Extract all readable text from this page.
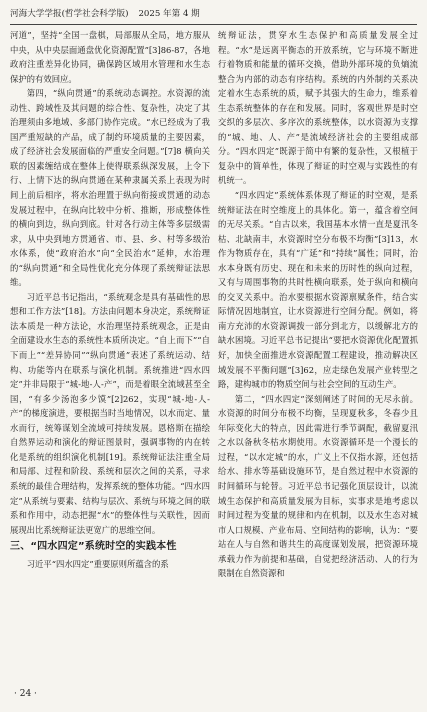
河海大学学报(哲学社会科学版) 2025 年第 4 期

河道”，坚持“全国一盘棋，局部服从全局，地方服从中央，从中央层面通盘优化资源配置”[3]86-87，各地政府注重差异化协同，确保跨区域用水管理和水生态保护的有效回应。

第四，“纵向贯通”的系统动态调控。水资源的流动性、跨域性及其问题的综合性、复杂性，决定了其治理须由多地域、多部门协作完成。“水已经成为了我国严重短缺的产品，成了制约环境质量的主要因素，成了经济社会发展面临的严重安全问题。”[7]8 横向关联的因素缠结成在整体上使得联系纵深发展，上令下行、上情下达的纵向贯通在某种隶属关系上表现为时间上前后相序，将水治理置于纵向衔接或贯通的动态发展过程中，在纵向比较中分析、推断，形成整体性的横向到边，纵向到底。针对各行动主体等多层级需求，从中央到地方贯通省、市、县、乡、村等多级治水体系，使“政府治水”向“全民治水”延伸，水治理的“纵向贯通”和全局性优化充分体现了系统辩证法思维。

习近平总书记指出，“系统观念是具有基础性的思想和工作方法”[18]。方法由问题本身决定，系统辩证法本质是一种方法论，水治理坚持系统观念，正是由全面建设水生态的系统性本质所决定。“自上而下”“自下而上”“差异协同”“纵向贯通”表述了系统运动、结构、功能等内在联系与演化机制。系统推进“四水四定”并非局限于“城-地-人-产”，而是着眼全流域甚至全国，“有多少汤泡多少馍”[2]262，实现“城-地-人-产”的梯度演进，要根据当时当地情况，以水而定、量水而行，统筹谋划全流域可持续发展。恩格斯在描绘自然界运动和演化的辩证图景时，强调事物的内在转化是系统的组织演化机制[19]。系统辩证法注重全局和局部、过程和阶段、系统和层次之间的关系，寻求系统的最佳合理结构，发挥系统的整体功能。“四水四定”从系统与要素、结构与层次、系统与环境之间的联系和作用中，动态把握“水”的整体性与关联性，因而展现出比系统辩证法更宽广的思维空间。

三、“四水四定”系统时空的实践本性

习近平“四水四定”重要原则所蕴含的系

统辩证法，贯穿水生态保护和高质量发展全过程。“水”是远离平衡态的开放系统，它与环境不断进行着物质和能量的循环交换，借助外部环境的负熵流整合为内部的动态有序结构。系统的内外制约关系决定着水生态系统的质，赋予其强大的生命力，维系着生态系统整体的存在和发展。同时，客观世界是时空交织的多层次、多序次的系统整体，以水资源为支撑的“城、地、人、产”是流域经济社会的主要组成部分。“四水四定”既源于简中有繁的复杂性，又根植于复杂中的简单性，体现了辩证的时空观与实践性的有机统一。

“四水四定”系统体系体现了辩证的时空观，是系统辩证法在时空维度上的具体化。第一，蕴含着空间的无尽关系。“自古以来，我国基本水情一直是夏汛冬枯、北缺南丰，水资源时空分布极不均衡”[3]13，水作为物质存在，具有“广延”和“持续”属性；同时，治水本身既有历史、现在和未来的历时性的纵向过程，又有与周围事物的共时性横向联系，处于纵向和横向的交叉关系中。治水要根据水资源禀赋条件，结合实际情况因地制宜，让水资源进行空间分配。例如，将南方充沛的水资源调拨一部分到北方，以缓解北方的缺水困境。习近平总书记提出“要把水资源优化配置抓好，加快全面推进水资源配置工程建设，推动解决区域发展不平衡问题”[3]62，应走绿色发展产业转型之路，建构城市的物质空间与社会空间的互动生产。

第二，“四水四定”深刻阐述了时间的无尽永前。水资源的时间分布极不均衡，呈现夏秋多，冬春少且年际变化大的特点，因此需进行季节调配，截留夏汛之水以备秋冬枯水期使用。水资源循环是一个漫长的过程，“以水定城”的水，广义上不仅指水源，还包括给水、排水等基础设施环节，是自然过程中水资源的时间循环与轮替。习近平总书记强化顶层设计，以流域生态保护和高质量发展为目标，实事求是地考虑以时间过程为变量的规律和内在机制，以及水生态对城市人口规模、产业布局、空间结构的影响，认为：“要站在人与自然和谐共生的高度谋划发展，把资源环境承载力作为前提和基础，自觉把经济活动、人的行为限制在自然资源和

· 24 ·
